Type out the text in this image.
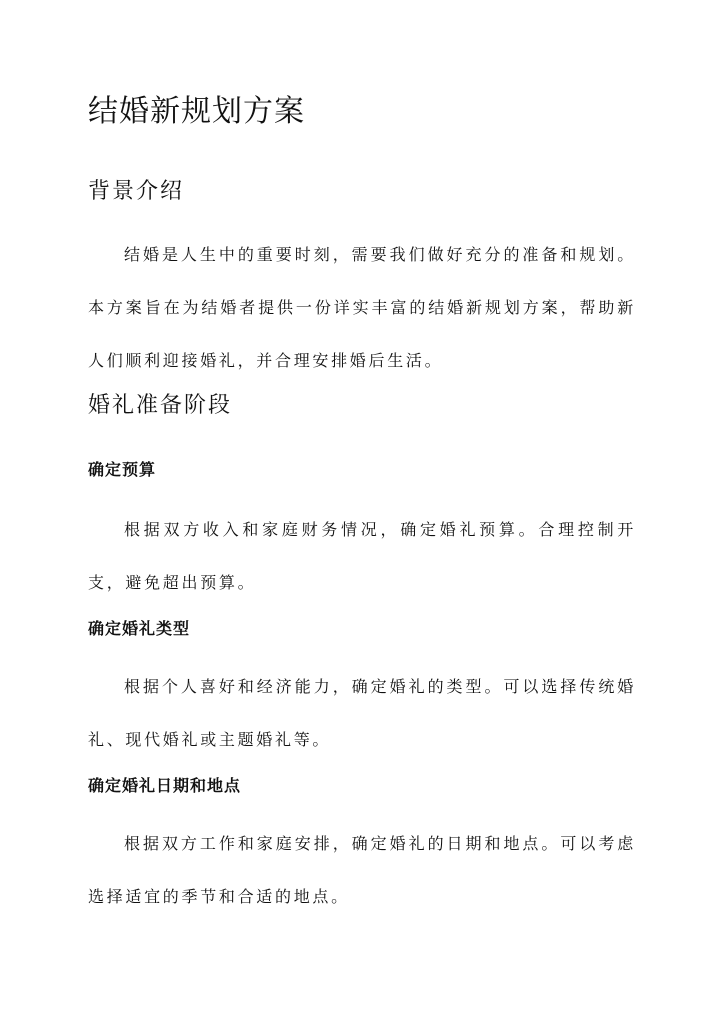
结婚新规划方案
背景介绍

结婚是人生中的重要时刻，需要我们做好充分的准备和规划。本方案旨在为结婚者提供一份详实丰富的结婚新规划方案，帮助新人们顺利迎接婚礼，并合理安排婚后生活。

婚礼准备阶段
确定预算

根据双方收入和家庭财务情况，确定婚礼预算。合理控制开支，避免超出预算。

确定婚礼类型

根据个人喜好和经济能力，确定婚礼的类型。可以选择传统婚礼、现代婚礼或主题婚礼等。

确定婚礼日期和地点

根据双方工作和家庭安排，确定婚礼的日期和地点。可以考虑选择适宜的季节和合适的地点。
